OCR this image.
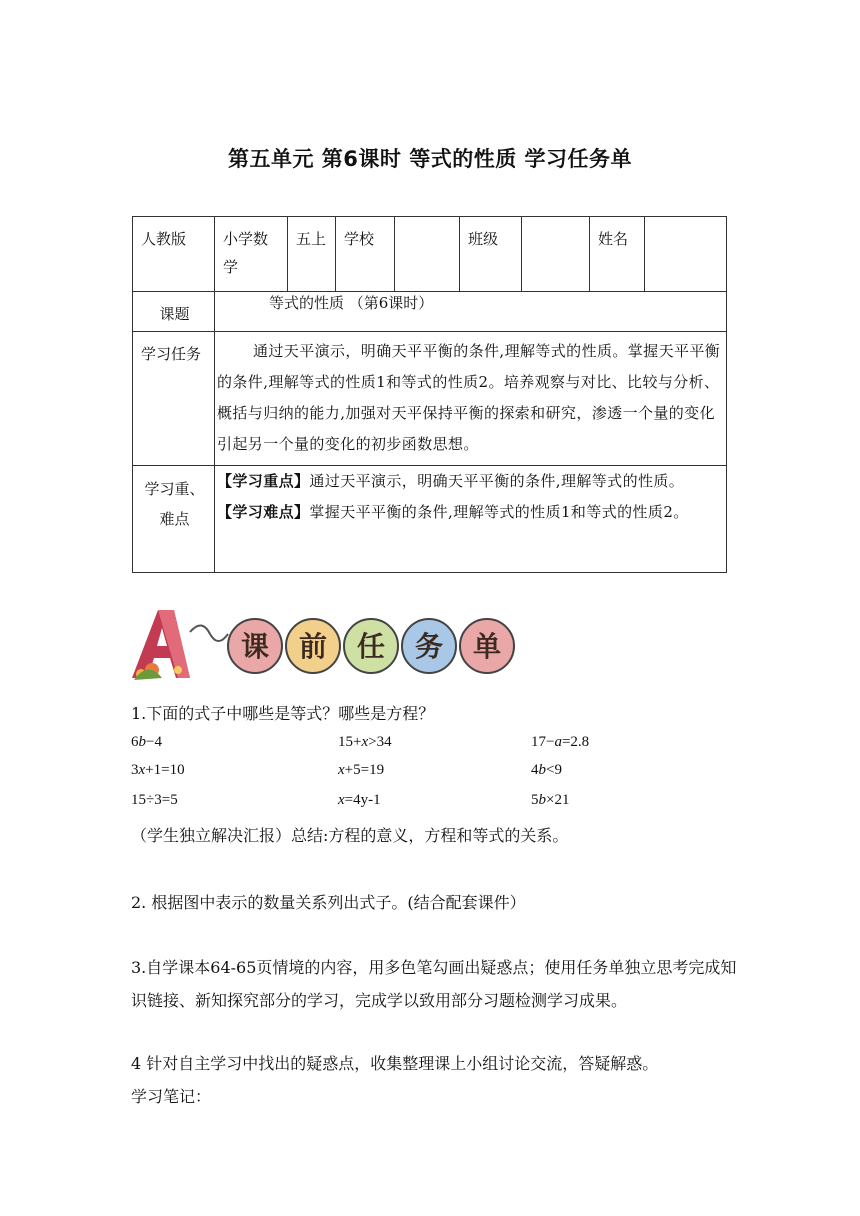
第五单元 第6课时 等式的性质 学习任务单
人教版	小学数学	五上	学校		班级		姓名	

课题	等式的性质 （第6课时）							

学习任务	通过天平演示，明确天平平衡的条件,理解等式的性质。掌握天平平衡的条件,理解等式的性质1和等式的性质2。培养观察与对比、比较与分析、概括与归纳的能力,加强对天平保持平衡的探索和研究，渗透一个量的变化引起另一个量的变化的初步函数思想。							

学习重、难点	【学习重点】通过天平演示，明确天平平衡的条件,理解等式的性质。
【学习难点】掌握天平平衡的条件,理解等式的性质1和等式的性质2。							
课 前 任 务 单
1.下面的式子中哪些是等式？哪些是方程？
6b−4	15+x>34	17−a=2.8
3x+1=10	x+5=19	4b<9
15÷3=5	x=4y-1	5b×21
（学生独立解决汇报）总结:方程的意义，方程和等式的关系。
2. 根据图中表示的数量关系列出式子。(结合配套课件）
3.自学课本64-65页情境的内容，用多色笔勾画出疑惑点；使用任务单独立思考完成知识链接、新知探究部分的学习，完成学以致用部分习题检测学习成果。
4 针对自主学习中找出的疑惑点，收集整理课上小组讨论交流，答疑解惑。
学习笔记：
